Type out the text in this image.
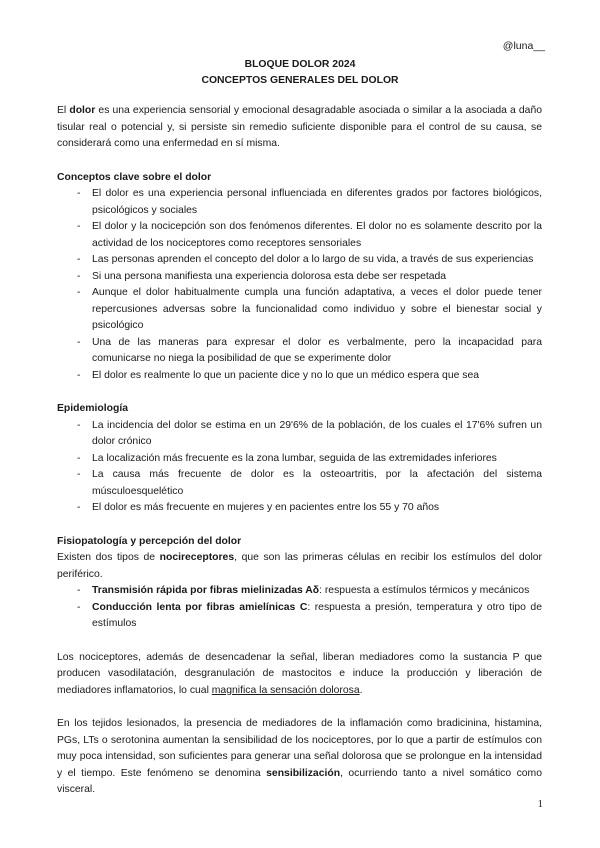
@luna__
BLOQUE DOLOR 2024
CONCEPTOS GENERALES DEL DOLOR

El dolor es una experiencia sensorial y emocional desagradable asociada o similar a la asociada a daño tisular real o potencial y, si persiste sin remedio suficiente disponible para el control de su causa, se considerará como una enfermedad en sí misma.

Conceptos clave sobre el dolor
- El dolor es una experiencia personal influenciada en diferentes grados por factores biológicos, psicológicos y sociales
- El dolor y la nocicepción son dos fenómenos diferentes. El dolor no es solamente descrito por la actividad de los nociceptores como receptores sensoriales
- Las personas aprenden el concepto del dolor a lo largo de su vida, a través de sus experiencias
- Si una persona manifiesta una experiencia dolorosa esta debe ser respetada
- Aunque el dolor habitualmente cumpla una función adaptativa, a veces el dolor puede tener repercusiones adversas sobre la funcionalidad como individuo y sobre el bienestar social y psicológico
- Una de las maneras para expresar el dolor es verbalmente, pero la incapacidad para comunicarse no niega la posibilidad de que se experimente dolor
- El dolor es realmente lo que un paciente dice y no lo que un médico espera que sea
Epidemiología
- La incidencia del dolor se estima en un 29'6% de la población, de los cuales el 17'6% sufren un dolor crónico
- La localización más frecuente es la zona lumbar, seguida de las extremidades inferiores
- La causa más frecuente de dolor es la osteoartritis, por la afectación del sistema músculoesquelético
- El dolor es más frecuente en mujeres y en pacientes entre los 55 y 70 años
Fisiopatología y percepción del dolor

Existen dos tipos de nocireceptores, que son las primeras células en recibir los estímulos del dolor periférico.

- Transmisión rápida por fibras mielinizadas Aδ: respuesta a estímulos térmicos y mecánicos
- Conducción lenta por fibras amielínicas C: respuesta a presión, temperatura y otro tipo de estímulos

Los nociceptores, además de desencadenar la señal, liberan mediadores como la sustancia P que producen vasodilatación, desgranulación de mastocitos e induce la producción y liberación de mediadores inflamatorios, lo cual magnifica la sensación dolorosa.

En los tejidos lesionados, la presencia de mediadores de la inflamación como bradicinina, histamina, PGs, LTs o serotonina aumentan la sensibilidad de los nociceptores, por lo que a partir de estímulos con muy poca intensidad, son suficientes para generar una señal dolorosa que se prolongue en la intensidad y el tiempo. Este fenómeno se denomina sensibilización, ocurriendo tanto a nivel somático como visceral.

1
